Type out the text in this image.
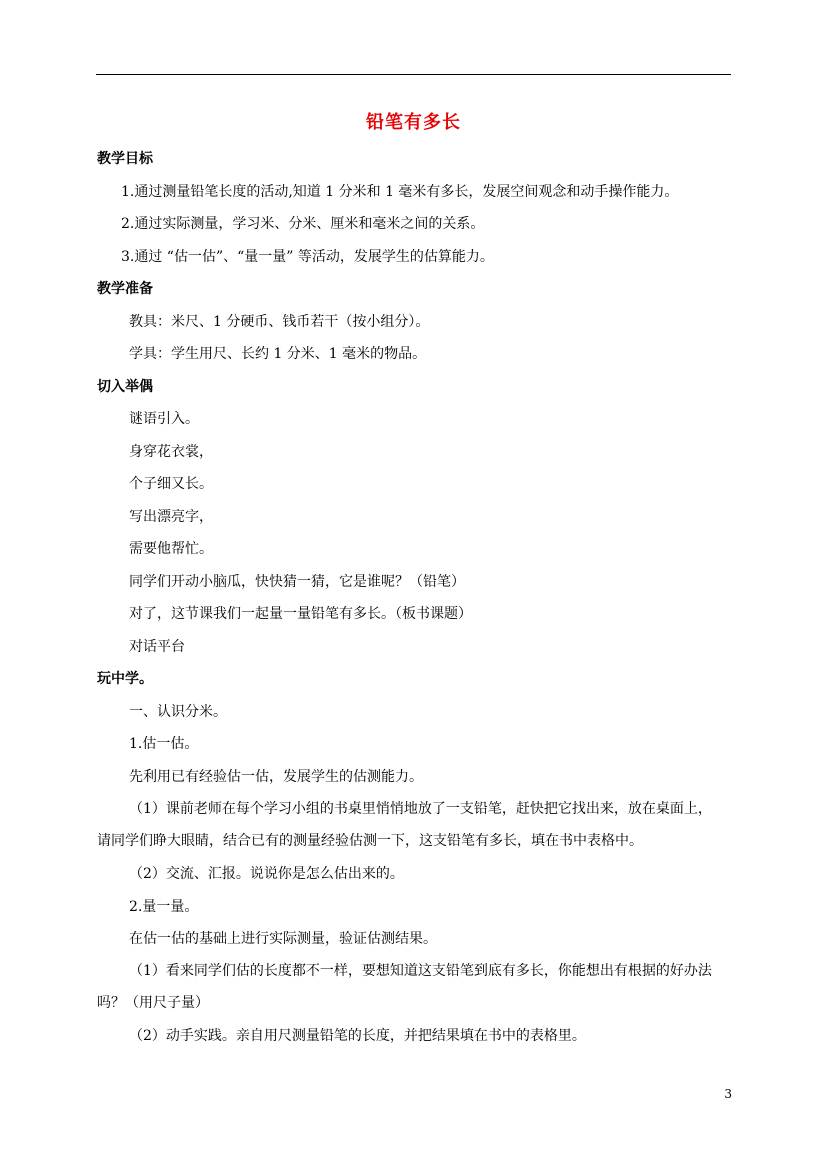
铅笔有多长
教学目标
1.通过测量铅笔长度的活动,知道 1 分米和 1 毫米有多长，发展空间观念和动手操作能力。
2.通过实际测量，学习米、分米、厘米和毫米之间的关系。
3.通过 “估一估”、“量一量” 等活动，发展学生的估算能力。
教学准备
教具：米尺、1 分硬币、钱币若干（按小组分）。
学具：学生用尺、长约 1 分米、1 毫米的物品。
切入举偶
谜语引入。
身穿花衣裳，
个子细又长。
写出漂亮字，
需要他帮忙。
同学们开动小脑瓜，快快猜一猜，它是谁呢？（铅笔）
对了，这节课我们一起量一量铅笔有多长。（板书课题）
对话平台
玩中学。
一、认识分米。
1.估一估。
先利用已有经验估一估，发展学生的估测能力。
（1）课前老师在每个学习小组的书桌里悄悄地放了一支铅笔，赶快把它找出来，放在桌面上，
请同学们睁大眼睛，结合已有的测量经验估测一下，这支铅笔有多长，填在书中表格中。
（2）交流、汇报。说说你是怎么估出来的。
2.量一量。
在估一估的基础上进行实际测量，验证估测结果。
（1）看来同学们估的长度都不一样，要想知道这支铅笔到底有多长，你能想出有根据的好办法
吗？（用尺子量）
（2）动手实践。亲自用尺测量铅笔的长度，并把结果填在书中的表格里。
3
